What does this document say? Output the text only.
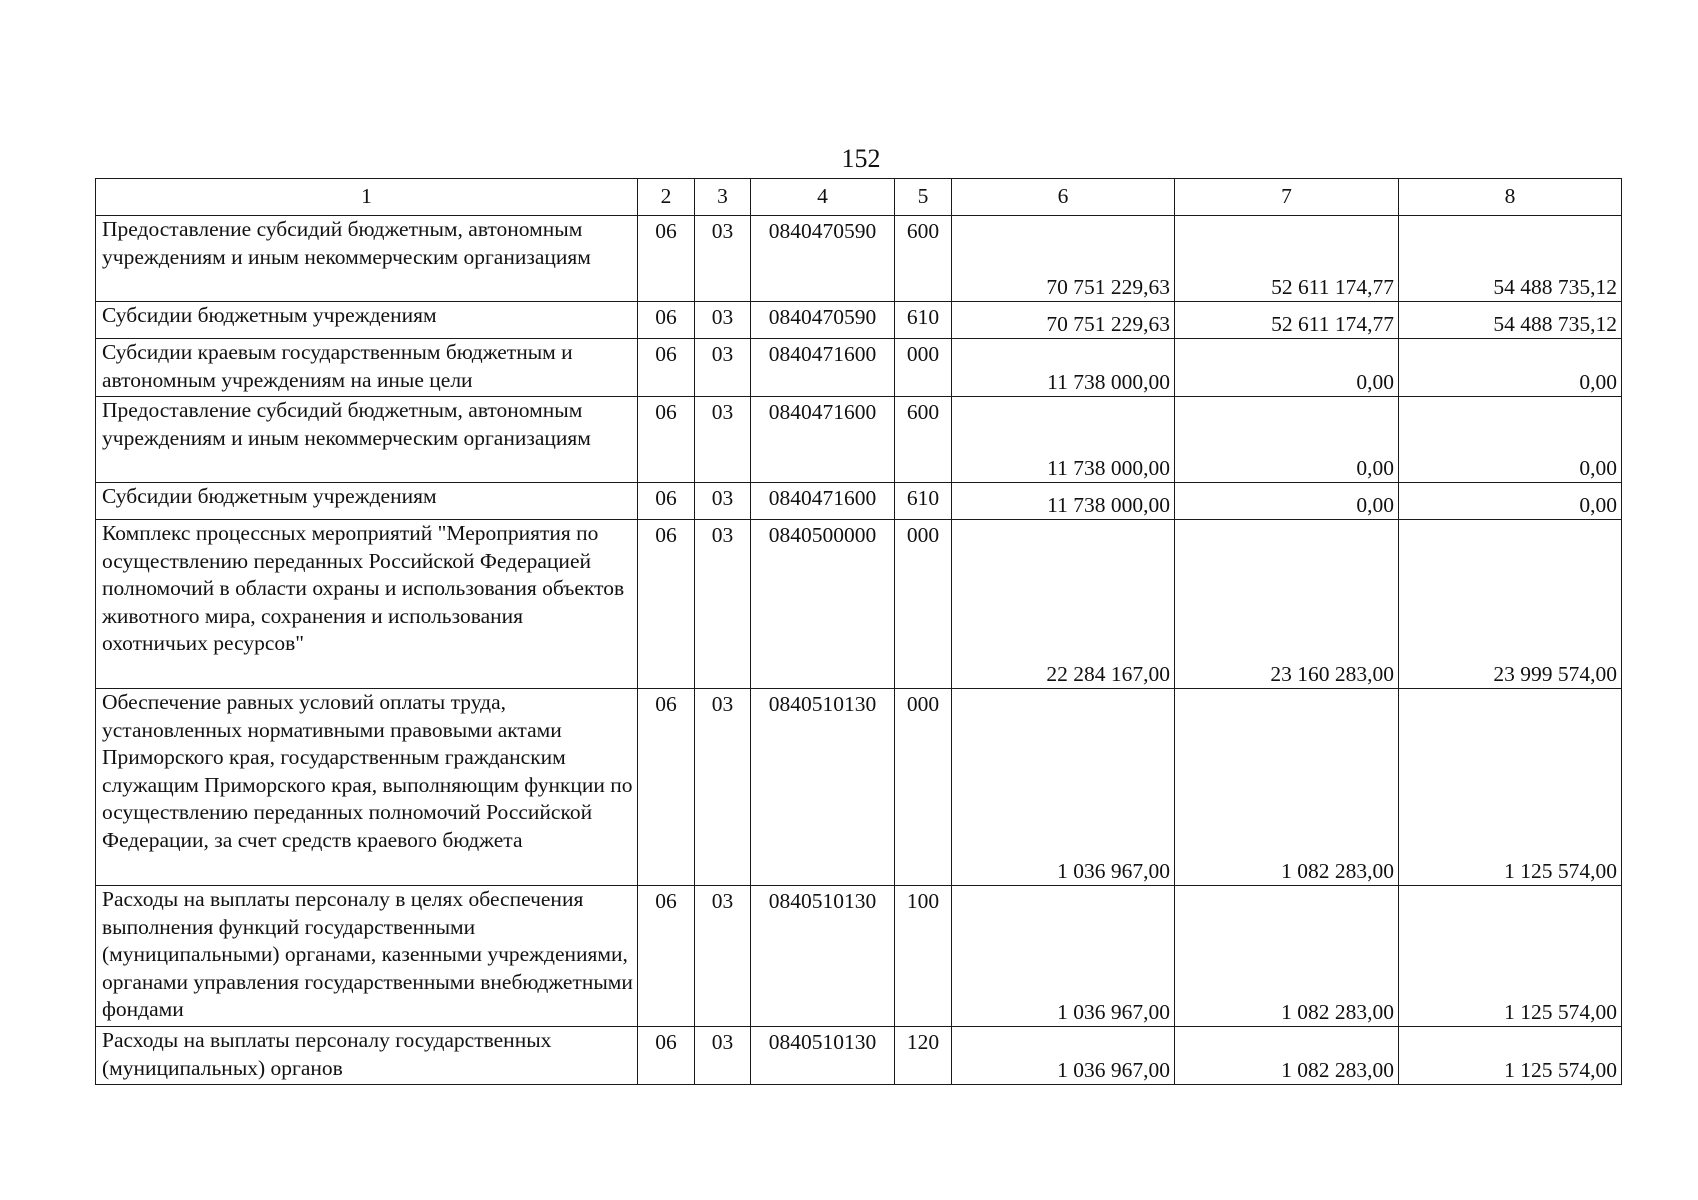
152
1	2	3	4	5	6	7	8
Предоставление субсидий бюджетным, автономным учреждениям и иным некоммерческим организациям	06	03	0840470590	600	70 751 229,63	52 611 174,77	54 488 735,12
Субсидии бюджетным учреждениям	06	03	0840470590	610	70 751 229,63	52 611 174,77	54 488 735,12
Субсидии краевым государственным бюджетным и автономным учреждениям на иные цели	06	03	0840471600	000	11 738 000,00	0,00	0,00
Предоставление субсидий бюджетным, автономным учреждениям и иным некоммерческим организациям	06	03	0840471600	600	11 738 000,00	0,00	0,00
Субсидии бюджетным учреждениям	06	03	0840471600	610	11 738 000,00	0,00	0,00
Комплекс процессных мероприятий "Мероприятия по осуществлению переданных Российской Федерацией полномочий в области охраны и использования объектов животного мира, сохранения и использования охотничьих ресурсов"	06	03	0840500000	000	22 284 167,00	23 160 283,00	23 999 574,00
Обеспечение равных условий оплаты труда, установленных нормативными правовыми актами Приморского края, государственным гражданским служащим Приморского края, выполняющим функции по осуществлению переданных полномочий Российской Федерации, за счет средств краевого бюджета	06	03	0840510130	000	1 036 967,00	1 082 283,00	1 125 574,00
Расходы на выплаты персоналу в целях обеспечения выполнения функций государственными (муниципальными) органами, казенными учреждениями, органами управления государственными внебюджетными фондами	06	03	0840510130	100	1 036 967,00	1 082 283,00	1 125 574,00
Расходы на выплаты персоналу государственных (муниципальных) органов	06	03	0840510130	120	1 036 967,00	1 082 283,00	1 125 574,00
